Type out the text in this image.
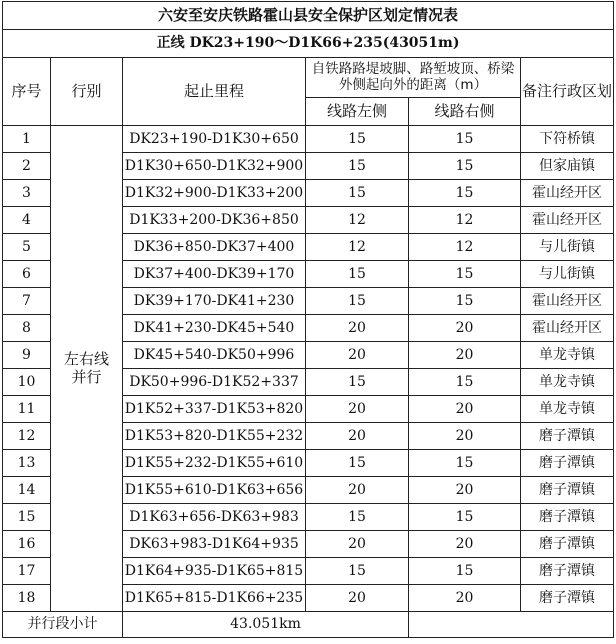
六安至安庆铁路霍山县安全保护区划定情况表					
正线 DK23+190～D1K66+235(43051m)					
序号	行别	起止里程	自铁路路堤坡脚、路堑坡顶、桥梁外侧起向外的距离（m）		备注行政区划
			线路左侧	线路右侧	
1	左右线并行	DK23+190-D1K30+650	15	15	下符桥镇
2		D1K30+650-D1K32+900	15	15	但家庙镇
3		D1K32+900-D1K33+200	15	15	霍山经开区
4		D1K33+200-DK36+850	12	12	霍山经开区
5		DK36+850-DK37+400	12	12	与儿街镇
6		DK37+400-DK39+170	15	15	与儿街镇
7		DK39+170-DK41+230	15	15	霍山经开区
8		DK41+230-DK45+540	20	20	霍山经开区
9		DK45+540-DK50+996	20	20	单龙寺镇
10		DK50+996-D1K52+337	15	15	单龙寺镇
11		D1K52+337-D1K53+820	20	20	单龙寺镇
12		D1K53+820-D1K55+232	20	20	磨子潭镇
13		D1K55+232-D1K55+610	15	15	磨子潭镇
14		D1K55+610-D1K63+656	20	20	磨子潭镇
15		D1K63+656-DK63+983	15	15	磨子潭镇
16		DK63+983-D1K64+935	20	20	磨子潭镇
17		D1K64+935-D1K65+815	15	15	磨子潭镇
18		D1K65+815-D1K66+235	20	20	磨子潭镇
并行段小计		43.051km			
